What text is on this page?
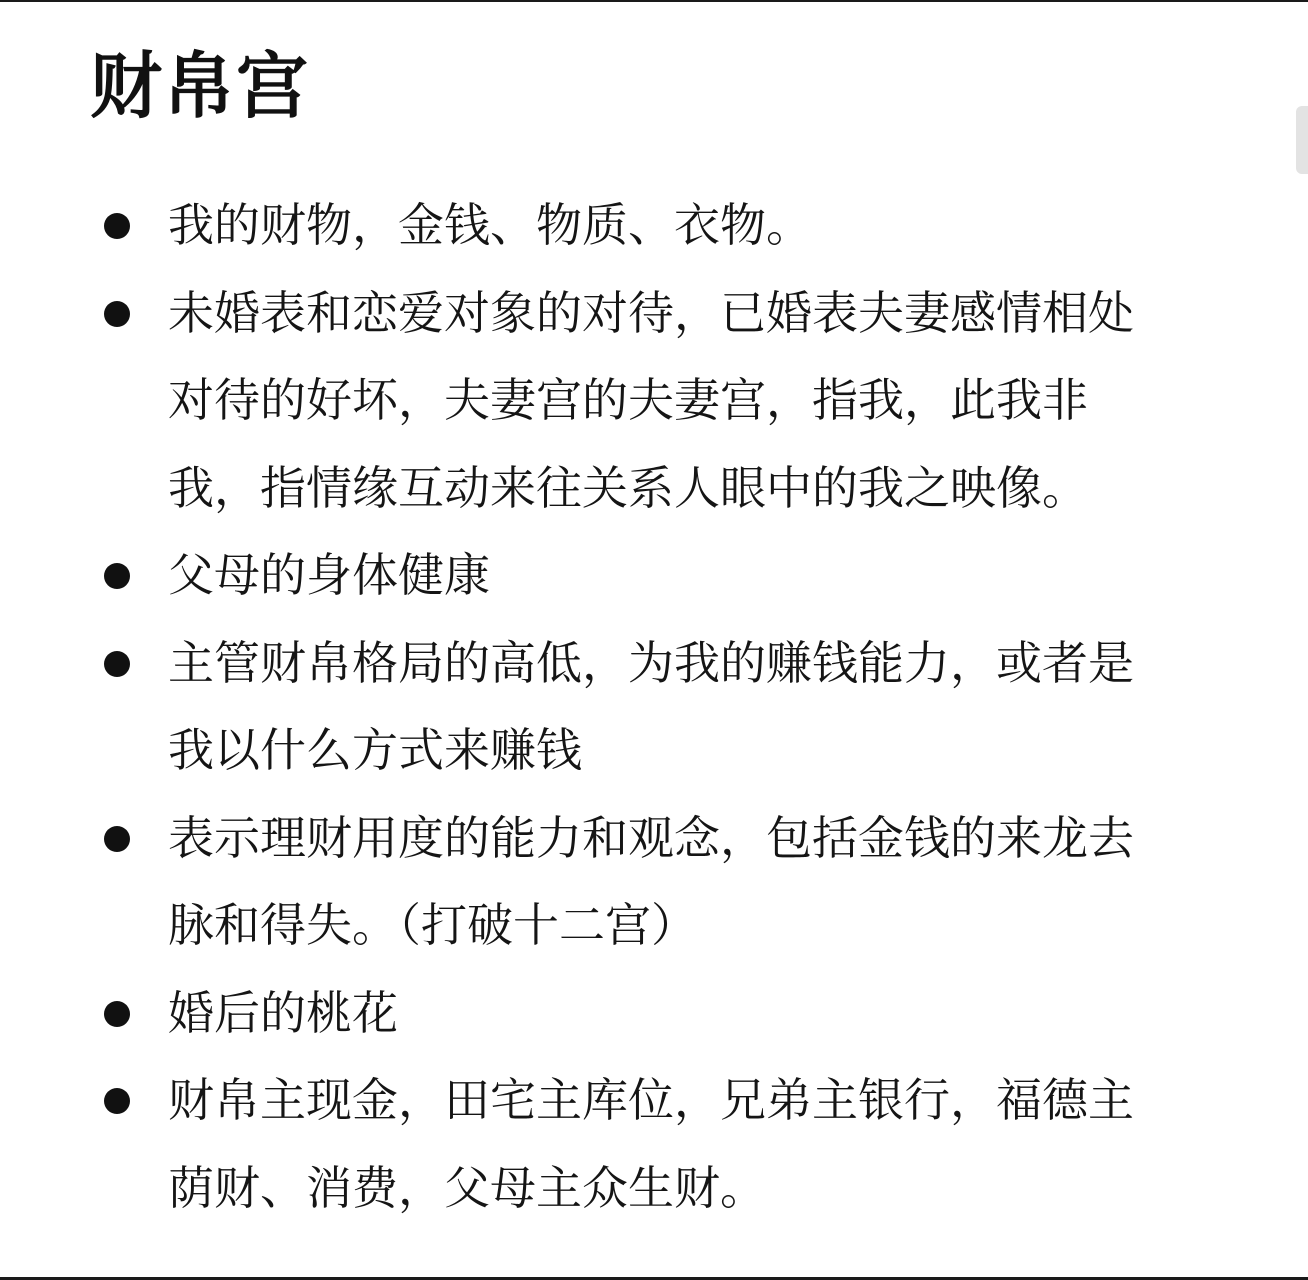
财帛宫
我的财物，金钱、物质、衣物。
未婚表和恋爱对象的对待，已婚表夫妻感情相处
对待的好坏，夫妻宫的夫妻宫，指我，此我非
我，指情缘互动来往关系人眼中的我之映像。
父母的身体健康
主管财帛格局的高低，为我的赚钱能力，或者是
我以什么方式来赚钱
表示理财用度的能力和观念，包括金钱的来龙去
脉和得失。（打破十二宫）
婚后的桃花
财帛主现金，田宅主库位，兄弟主银行，福德主
荫财、消费，父母主众生财。
